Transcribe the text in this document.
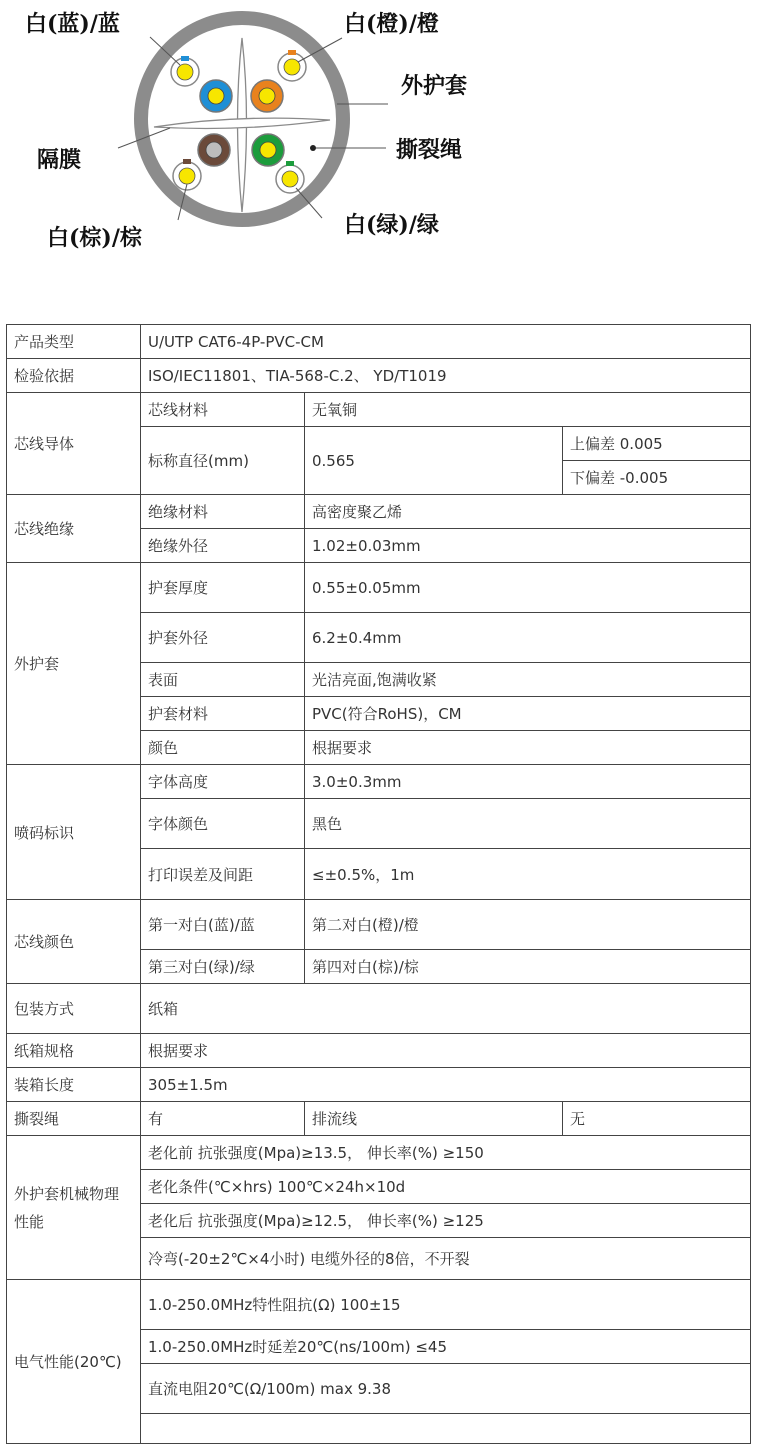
白(蓝)/蓝	白(橙)/橙
外护套
撕裂绳
隔膜
白(绿)/绿
白(棕)/棕
产品类型	U/UTP CAT6-4P-PVC-CM		
检验依据	ISO/IEC11801、TIA-568-C.2、 YD/T1019		
芯线导体	芯线材料	无氧铜	
	标称直径(mm)	0.565	上偏差 0.005
			下偏差 -0.005
芯线绝缘	绝缘材料	高密度聚乙烯	
	绝缘外径	1.02±0.03mm	
外护套	护套厚度	0.55±0.05mm	
	护套外径	6.2±0.4mm	
	表面	光洁亮面,饱满收紧	
	护套材料	PVC(符合RoHS)，CM	
	颜色	根据要求	
喷码标识	字体高度	3.0±0.3mm	
	字体颜色	黑色	
	打印误差及间距	≤±0.5%，1m	
芯线颜色	第一对白(蓝)/蓝	第二对白(橙)/橙	
	第三对白(绿)/绿	第四对白(棕)/棕	
包装方式	纸箱		
纸箱规格	根据要求		
装箱长度	305±1.5m		
撕裂绳	有	排流线	无
外护套机械物理性能	老化前 抗张强度(Mpa)≥13.5， 伸长率(%) ≥150		
	老化条件(℃×hrs) 100℃×24h×10d		
	老化后 抗张强度(Mpa)≥12.5， 伸长率(%) ≥125		
	冷弯(-20±2℃×4小时) 电缆外径的8倍，不开裂		
电气性能(20℃)	1.0-250.0MHz特性阻抗(Ω) 100±15		
	1.0-250.0MHz时延差20℃(ns/100m) ≤45		
	直流电阻20℃(Ω/100m) max 9.38		
